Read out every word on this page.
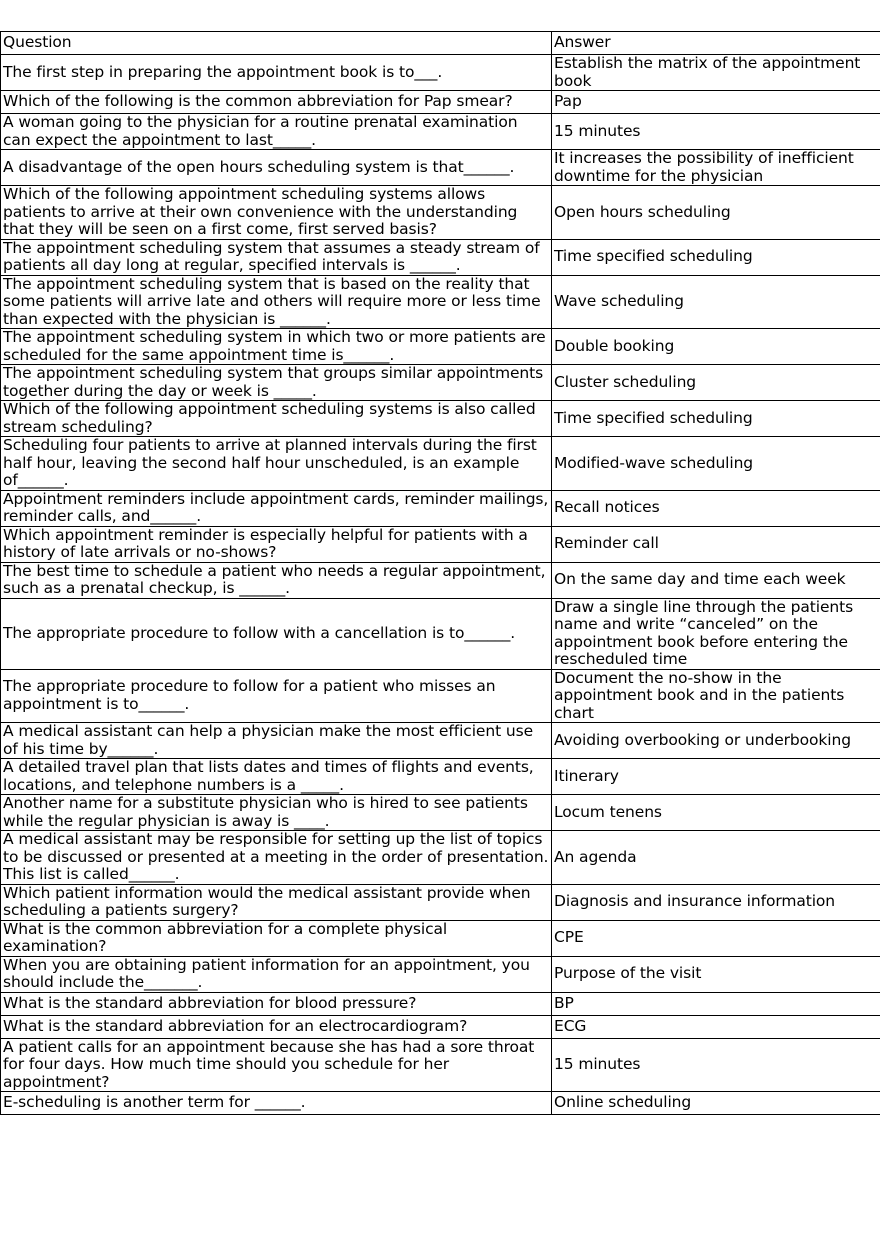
Question	Answer
The first step in preparing the appointment book is to___.	Establish the matrix of the appointment book
Which of the following is the common abbreviation for Pap smear?	Pap
A woman going to the physician for a routine prenatal examination can expect the appointment to last_____.	15 minutes
A disadvantage of the open hours scheduling system is that______.	It increases the possibility of inefficient downtime for the physician
Which of the following appointment scheduling systems allows patients to arrive at their own convenience with the understanding that they will be seen on a first come, first served basis?	Open hours scheduling
The appointment scheduling system that assumes a steady stream of patients all day long at regular, specified intervals is ______.	Time specified scheduling
The appointment scheduling system that is based on the reality that some patients will arrive late and others will require more or less time than expected with the physician is ______.	Wave scheduling
The appointment scheduling system in which two or more patients are scheduled for the same appointment time is______.	Double booking
The appointment scheduling system that groups similar appointments together during the day or week is _____.	Cluster scheduling
Which of the following appointment scheduling systems is also called stream scheduling?	Time specified scheduling
Scheduling four patients to arrive at planned intervals during the first half hour, leaving the second half hour unscheduled, is an example of______.	Modified-wave scheduling
Appointment reminders include appointment cards, reminder mailings, reminder calls, and______.	Recall notices
Which appointment reminder is especially helpful for patients with a history of late arrivals or no-shows?	Reminder call
The best time to schedule a patient who needs a regular appointment, such as a prenatal checkup, is ______.	On the same day and time each week
The appropriate procedure to follow with a cancellation is to______.	Draw a single line through the patients name and write “canceled” on the appointment book before entering the rescheduled time
The appropriate procedure to follow for a patient who misses an appointment is to______.	Document the no-show in the appointment book and in the patients chart
A medical assistant can help a physician make the most efficient use of his time by______.	Avoiding overbooking or underbooking
A detailed travel plan that lists dates and times of flights and events, locations, and telephone numbers is a _____.	Itinerary
Another name for a substitute physician who is hired to see patients while the regular physician is away is ____.	Locum tenens
A medical assistant may be responsible for setting up the list of topics to be discussed or presented at a meeting in the order of presentation. This list is called______.	An agenda
Which patient information would the medical assistant provide when scheduling a patients surgery?	Diagnosis and insurance information
What is the common abbreviation for a complete physical examination?	CPE
When you are obtaining patient information for an appointment, you should include the_______.	Purpose of the visit
What is the standard abbreviation for blood pressure?	BP
What is the standard abbreviation for an electrocardiogram?	ECG
A patient calls for an appointment because she has had a sore throat for four days. How much time should you schedule for her appointment?	15 minutes
E-scheduling is another term for ______.	Online scheduling
